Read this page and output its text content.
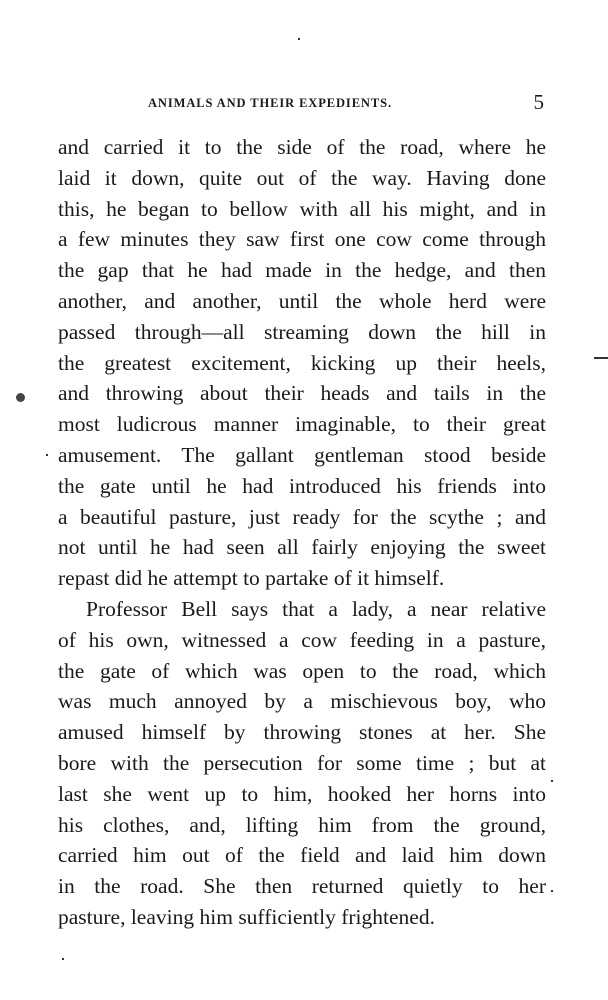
ANIMALS AND THEIR EXPEDIENTS.	5
and carried it to the side of the road, where he
laid it down, quite out of the way. Having done
this, he began to bellow with all his might, and in
a few minutes they saw first one cow come through
the gap that he had made in the hedge, and then
another, and another, until the whole herd were
passed through—all streaming down the hill in
the greatest excitement, kicking up their heels,
and throwing about their heads and tails in the
most ludicrous manner imaginable, to their great
amusement. The gallant gentleman stood beside
the gate until he had introduced his friends into
a beautiful pasture, just ready for the scythe ; and
not until he had seen all fairly enjoying the sweet
repast did he attempt to partake of it himself.
Professor Bell says that a lady, a near relative
of his own, witnessed a cow feeding in a pasture,
the gate of which was open to the road, which
was much annoyed by a mischievous boy, who
amused himself by throwing stones at her. She
bore with the persecution for some time ; but at
last she went up to him, hooked her horns into
his clothes, and, lifting him from the ground,
carried him out of the field and laid him down
in the road. She then returned quietly to her
pasture, leaving him sufficiently frightened.
